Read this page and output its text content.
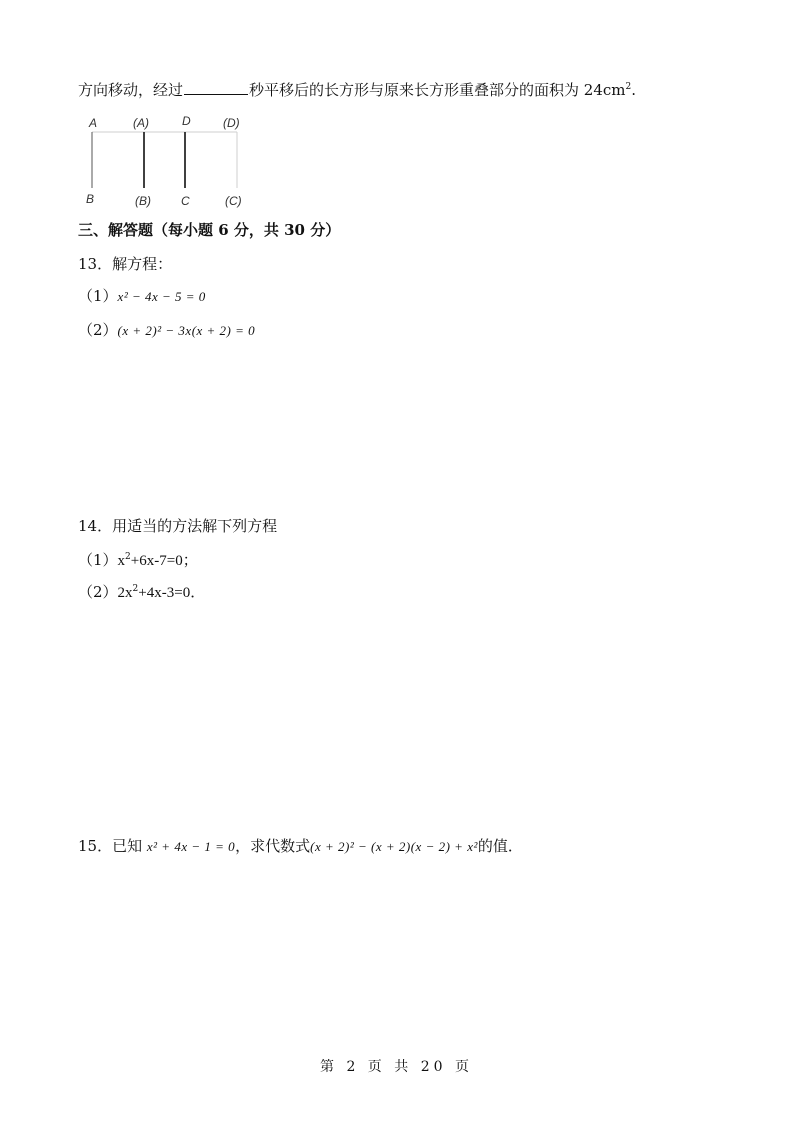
方向移动，经过	秒平移后的长方形与原来长方形重叠部分的面积为 $24cm^2$.
A	(A)	D	(D)
B	(B)	C	(C)
三、解答题（每小题 6 分，共 30 分）
13．解方程：
（1）x² − 4x − 5 = 0
（2）(x + 2)² − 3x(x + 2) = 0
14．用适当的方法解下列方程
$(1)x^2+6x-7=0$；
$(2)2x^2+4x-3=0$．
15．已知 x² + 4x − 1 = 0，求代数式(x + 2)² − (x + 2)(x − 2) + x²的值．
第 2 页 共 20 页
